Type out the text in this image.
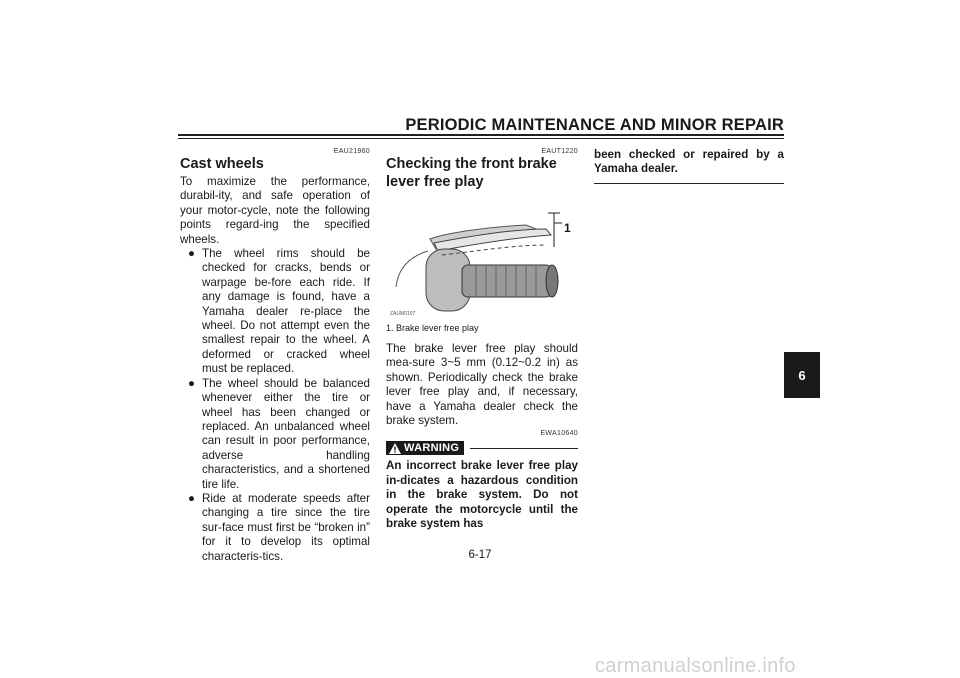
PERIODIC MAINTENANCE AND MINOR REPAIR
EAU21960
Cast wheels

To maximize the performance, durabil-ity, and safe operation of your motor-cycle, note the following points regard-ing the specified wheels.

● The wheel rims should be checked for cracks, bends or warpage be-fore each ride. If any damage is found, have a Yamaha dealer re-place the wheel. Do not attempt even the smallest repair to the wheel. A deformed or cracked wheel must be replaced.
● The wheel should be balanced whenever either the tire or wheel has been changed or replaced. An unbalanced wheel can result in poor performance, adverse handling characteristics, and a shortened tire life.
● Ride at moderate speeds after changing a tire since the tire sur-face must first be “broken in” for it to develop its optimal characteris-tics.
EAUT1220
Checking the front brake lever free play
1
ZAUM0107
1. Brake lever free play
The brake lever free play should mea-sure 3~5 mm (0.12~0.2 in) as shown. Periodically check the brake lever free play and, if necessary, have a Yamaha dealer check the brake system.
EWA10640
WARNING
An incorrect brake lever free play in-dicates a hazardous condition in the brake system. Do not operate the motorcycle until the brake system has
been checked or repaired by a Yamaha dealer.
6
6-17
carmanualsonline.info
